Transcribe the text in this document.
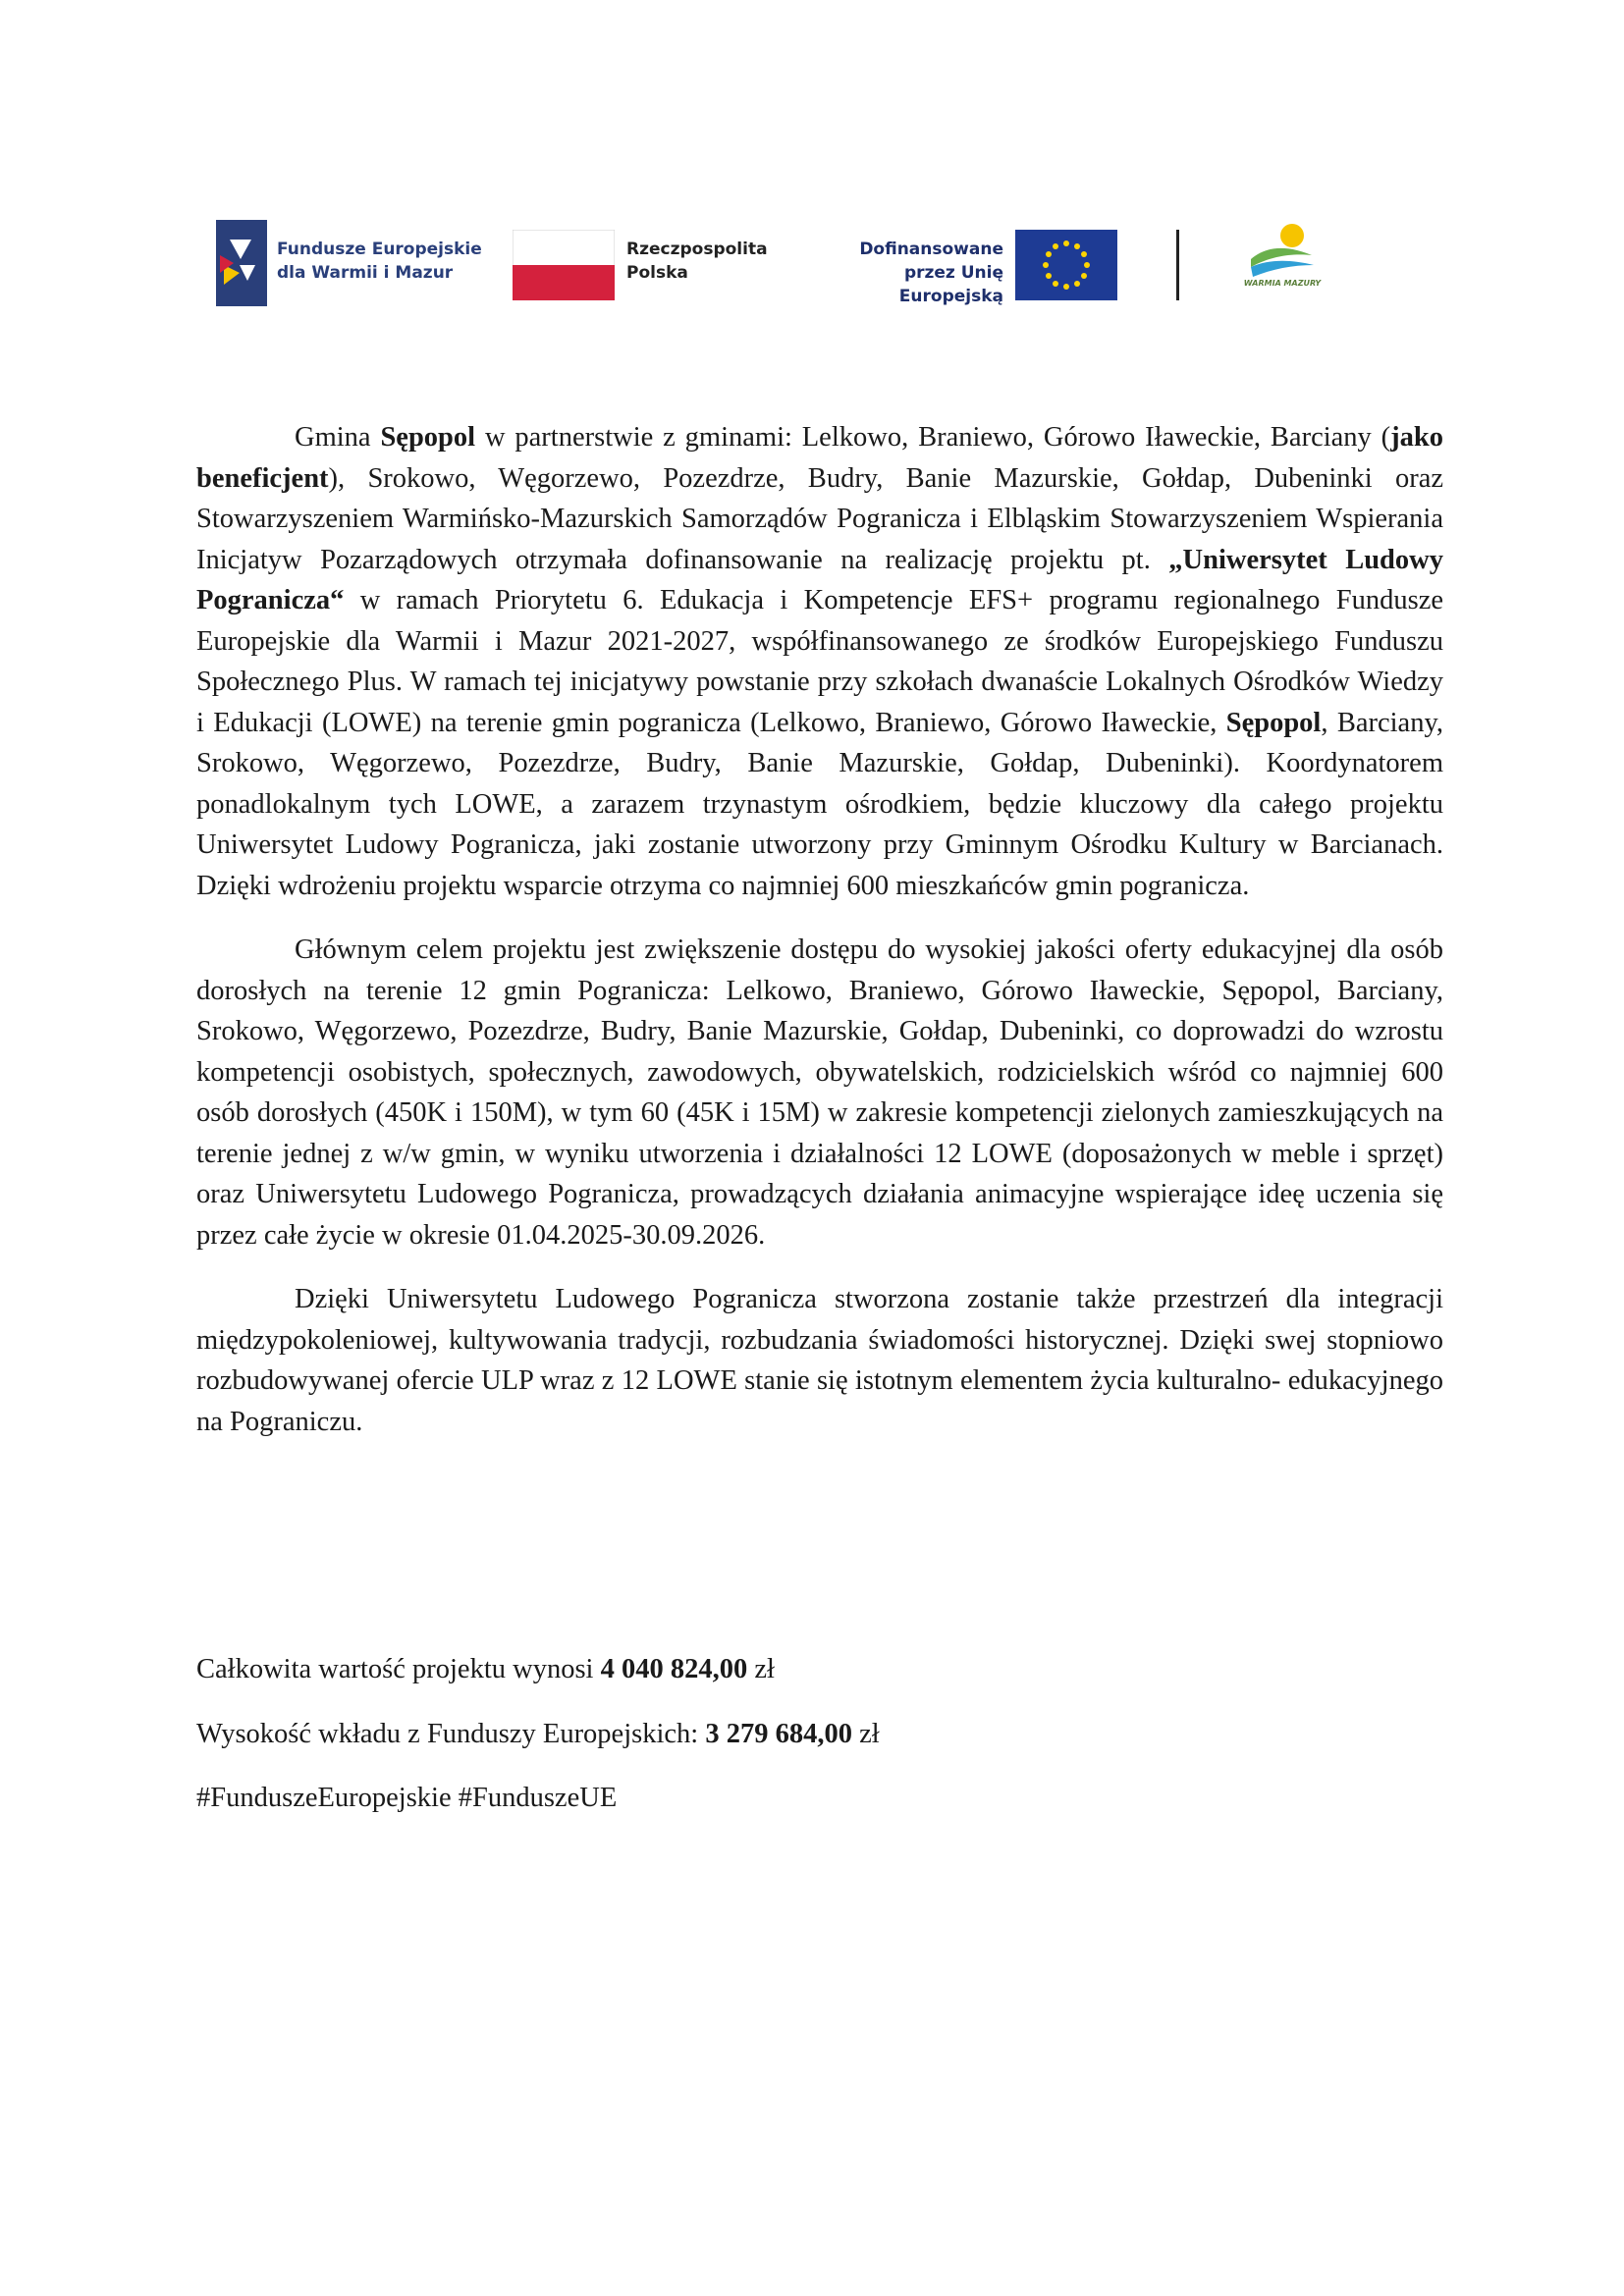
Fundusze Europejskie dla Warmii i Mazur
Rzeczpospolita Polska
Dofinansowane przez Unię Europejską
WARMIA MAZURY

Gmina Sępopol w partnerstwie z gminami: Lelkowo, Braniewo, Górowo Iławeckie, Barciany (jako beneficjent), Srokowo, Węgorzewo, Pozezdrze, Budry, Banie Mazurskie, Gołdap, Dubeninki oraz Stowarzyszeniem Warmińsko-Mazurskich Samorządów Pogranicza i Elbląskim Stowarzyszeniem Wspierania Inicjatyw Pozarządowych otrzymała dofinansowanie na realizację projektu pt. „Uniwersytet Ludowy Pogranicza“ w ramach Priorytetu 6. Edukacja i Kompetencje EFS+ programu regionalnego Fundusze Europejskie dla Warmii i Mazur 2021-2027, współfinansowanego ze środków Europejskiego Funduszu Społecznego Plus. W ramach tej inicjatywy powstanie przy szkołach dwanaście Lokalnych Ośrodków Wiedzy i Edukacji (LOWE) na terenie gmin pogranicza (Lelkowo, Braniewo, Górowo Iławeckie, Sępopol, Barciany, Srokowo, Węgorzewo, Pozezdrze, Budry, Banie Mazurskie, Gołdap, Dubeninki). Koordynatorem ponadlokalnym tych LOWE, a zarazem trzynastym ośrodkiem, będzie kluczowy dla całego projektu Uniwersytet Ludowy Pogranicza, jaki zostanie utworzony przy Gminnym Ośrodku Kultury w Barcianach. Dzięki wdrożeniu projektu wsparcie otrzyma co najmniej 600 mieszkańców gmin pogranicza.

Głównym celem projektu jest zwiększenie dostępu do wysokiej jakości oferty edukacyjnej dla osób dorosłych na terenie 12 gmin Pogranicza: Lelkowo, Braniewo, Górowo Iławeckie, Sępopol, Barciany, Srokowo, Węgorzewo, Pozezdrze, Budry, Banie Mazurskie, Gołdap, Dubeninki, co doprowadzi do wzrostu kompetencji osobistych, społecznych, zawodowych, obywatelskich, rodzicielskich wśród co najmniej 600 osób dorosłych (450K i 150M), w tym 60 (45K i 15M) w zakresie kompetencji zielonych zamieszkujących na terenie jednej z w/w gmin, w wyniku utworzenia i działalności 12 LOWE (doposażonych w meble i sprzęt) oraz Uniwersytetu Ludowego Pogranicza, prowadzących działania animacyjne wspierające ideę uczenia się przez całe życie w okresie 01.04.2025-30.09.2026.

Dzięki Uniwersytetu Ludowego Pogranicza stworzona zostanie także przestrzeń dla integracji międzypokoleniowej, kultywowania tradycji, rozbudzania świadomości historycznej. Dzięki swej stopniowo rozbudowywanej ofercie ULP wraz z 12 LOWE stanie się istotnym elementem życia kulturalno- edukacyjnego na Pograniczu.

Całkowita wartość projektu wynosi 4 040 824,00 zł
Wysokość wkładu z Funduszy Europejskich: 3 279 684,00 zł
#FunduszeEuropejskie #FunduszeUE
